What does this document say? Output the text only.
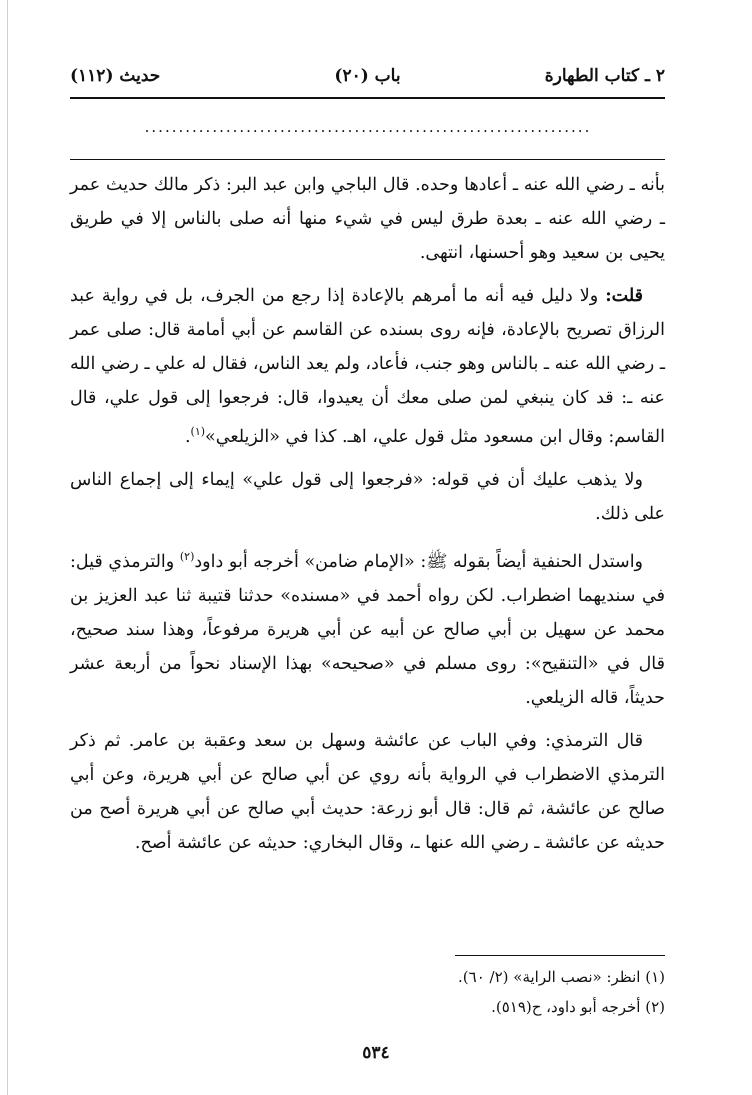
٢ ـ كتاب الطهارة
(٢٠) باب
(١١٢) حديث
..................................................................

بأنه ـ رضي الله عنه ـ أعادها وحده. قال الباجي وابن عبد البر: ذكر مالك حديث عمر ـ رضي الله عنه ـ بعدة طرق ليس في شيء منها أنه صلى بالناس إلا في طريق يحيى بن سعيد وهو أحسنها، انتهى.

قلت: ولا دليل فيه أنه ما أمرهم بالإعادة إذا رجع من الجرف، بل في رواية عبد الرزاق تصريح بالإعادة، فإنه روى بسنده عن القاسم عن أبي أمامة قال: صلى عمر ـ رضي الله عنه ـ بالناس وهو جنب، فأعاد، ولم يعد الناس، فقال له علي ـ رضي الله عنه ـ: قد كان ينبغي لمن صلى معك أن يعيدوا، قال: فرجعوا إلى قول علي، قال القاسم: وقال ابن مسعود مثل قول علي، اهـ. كذا في «الزيلعي»$^{(١)}$.

ولا يذهب عليك أن في قوله: «فرجعوا إلى قول علي» إيماء إلى إجماع الناس على ذلك.

واستدل الحنفية أيضاً بقوله ﷺ: «الإمام ضامن» أخرجه أبو داود$^{(٢)}$ والترمذي قيل: في سنديهما اضطراب. لكن رواه أحمد في «مسنده» حدثنا قتيبة ثنا عبد العزيز بن محمد عن سهيل بن أبي صالح عن أبيه عن أبي هريرة مرفوعاً، وهذا سند صحيح، قال في «التنقيح»: روى مسلم في «صحيحه» بهذا الإسناد نحواً من أربعة عشر حديثاً، قاله الزيلعي.

قال الترمذي: وفي الباب عن عائشة وسهل بن سعد وعقبة بن عامر. ثم ذكر الترمذي الاضطراب في الرواية بأنه روي عن أبي صالح عن أبي هريرة، وعن أبي صالح عن عائشة، ثم قال: قال أبو زرعة: حديث أبي صالح عن أبي هريرة أصح من حديثه عن عائشة ـ رضي الله عنها ـ، وقال البخاري: حديثه عن عائشة أصح.

(١) انظر: «نصب الراية» (٢/ ٦٠).
(٢) أخرجه أبو داود، ح(٥١٩).
٥٣٤
